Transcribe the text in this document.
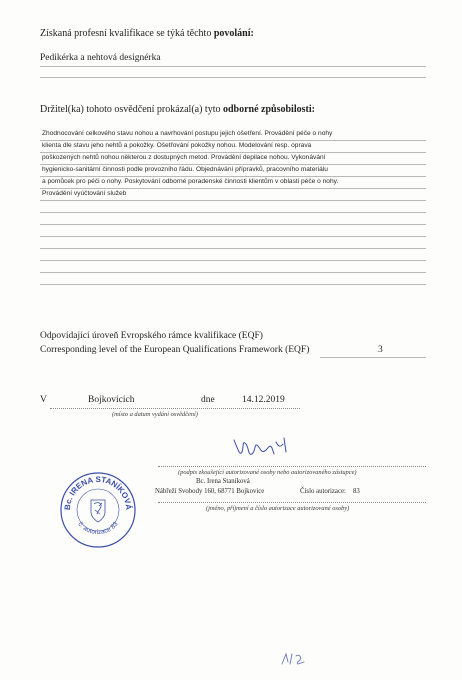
Získaná profesní kvalifikace se týká těchto povolání:
Pedikérka a nehtová designérka
Držitel(ka) tohoto osvědčení prokázal(a) tyto odborné způsobilosti:
Zhodnocování celkového stavu nohou a navrhování postupu jejich ošetření. Provádění péče o nohy
klienta dle stavu jeho nehtů a pokožky. Ošetřování pokožky nohou. Modelování resp. oprava
poškozených nehtů nohou některou z dostupných metod. Provádění depilace nohou. Vykonávání
hygienicko-sanitární činnosti podle provozního řádu. Objednávání přípravků, pracovního materiálu
a pomůcek pro péči o nohy. Poskytování odborné poradenské činnosti klientům v oblasti péče o nohy.
Provádění vyúčtování služeb
Odpovídající úroveň Evropského rámce kvalifikace (EQF)
Corresponding level of the European Qualifications Framework (EQF)	3
V	Bojkovicích	dne	14.12.2019
(místo a datum vydání osvědčení)
(podpis zkoušející autorizované osoby nebo autorizovaného zástupce)
Bc. Irena Staníková
Nábřeží Svobody 160, 68771 Bojkovice	Číslo autorizace: 83
(jméno, příjmení a číslo autorizace autorizované osoby)
Bc. IRENA STANÍKOVÁ
č. autorizace 83
